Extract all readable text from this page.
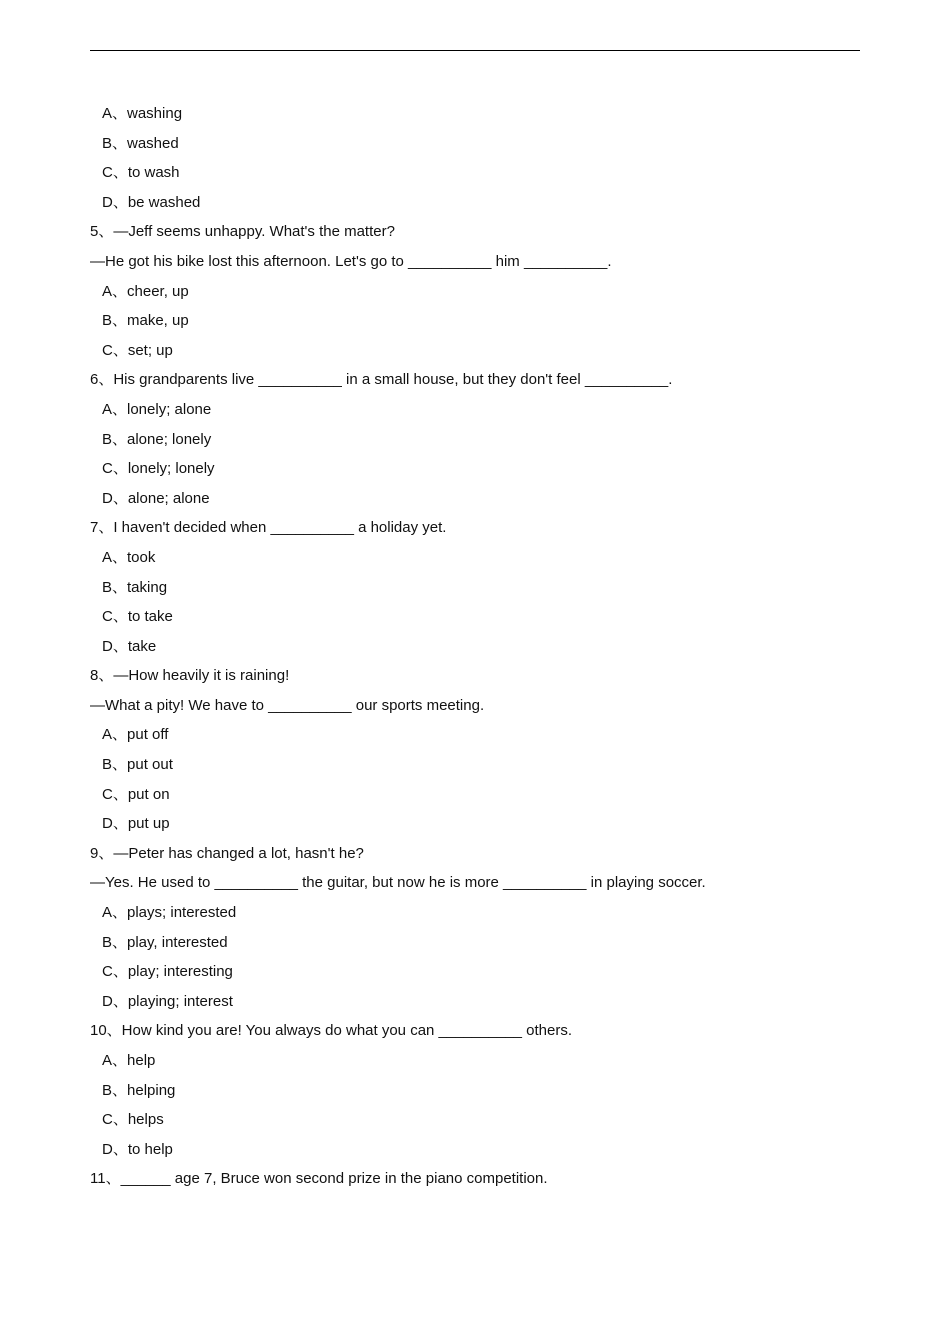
A、washing
B、washed
C、to wash
D、be washed
5、—Jeff seems unhappy. What's the matter?
—He got his bike lost this afternoon. Let's go to __________ him __________.
A、cheer, up
B、make, up
C、set; up
6、His grandparents live __________ in a small house, but they don't feel __________.
A、lonely; alone
B、alone; lonely
C、lonely; lonely
D、alone; alone
7、I haven't decided when __________ a holiday yet.
A、took
B、taking
C、to take
D、take
8、—How heavily it is raining!
—What a pity! We have to __________ our sports meeting.
A、put off
B、put out
C、put on
D、put up
9、—Peter has changed a lot, hasn't he?
—Yes. He used to __________ the guitar, but now he is more __________ in playing soccer.
A、plays; interested
B、play, interested
C、play; interesting
D、playing; interest
10、How kind you are! You always do what you can __________ others.
A、help
B、helping
C、helps
D、to help
11、______ age 7, Bruce won second prize in the piano competition.
